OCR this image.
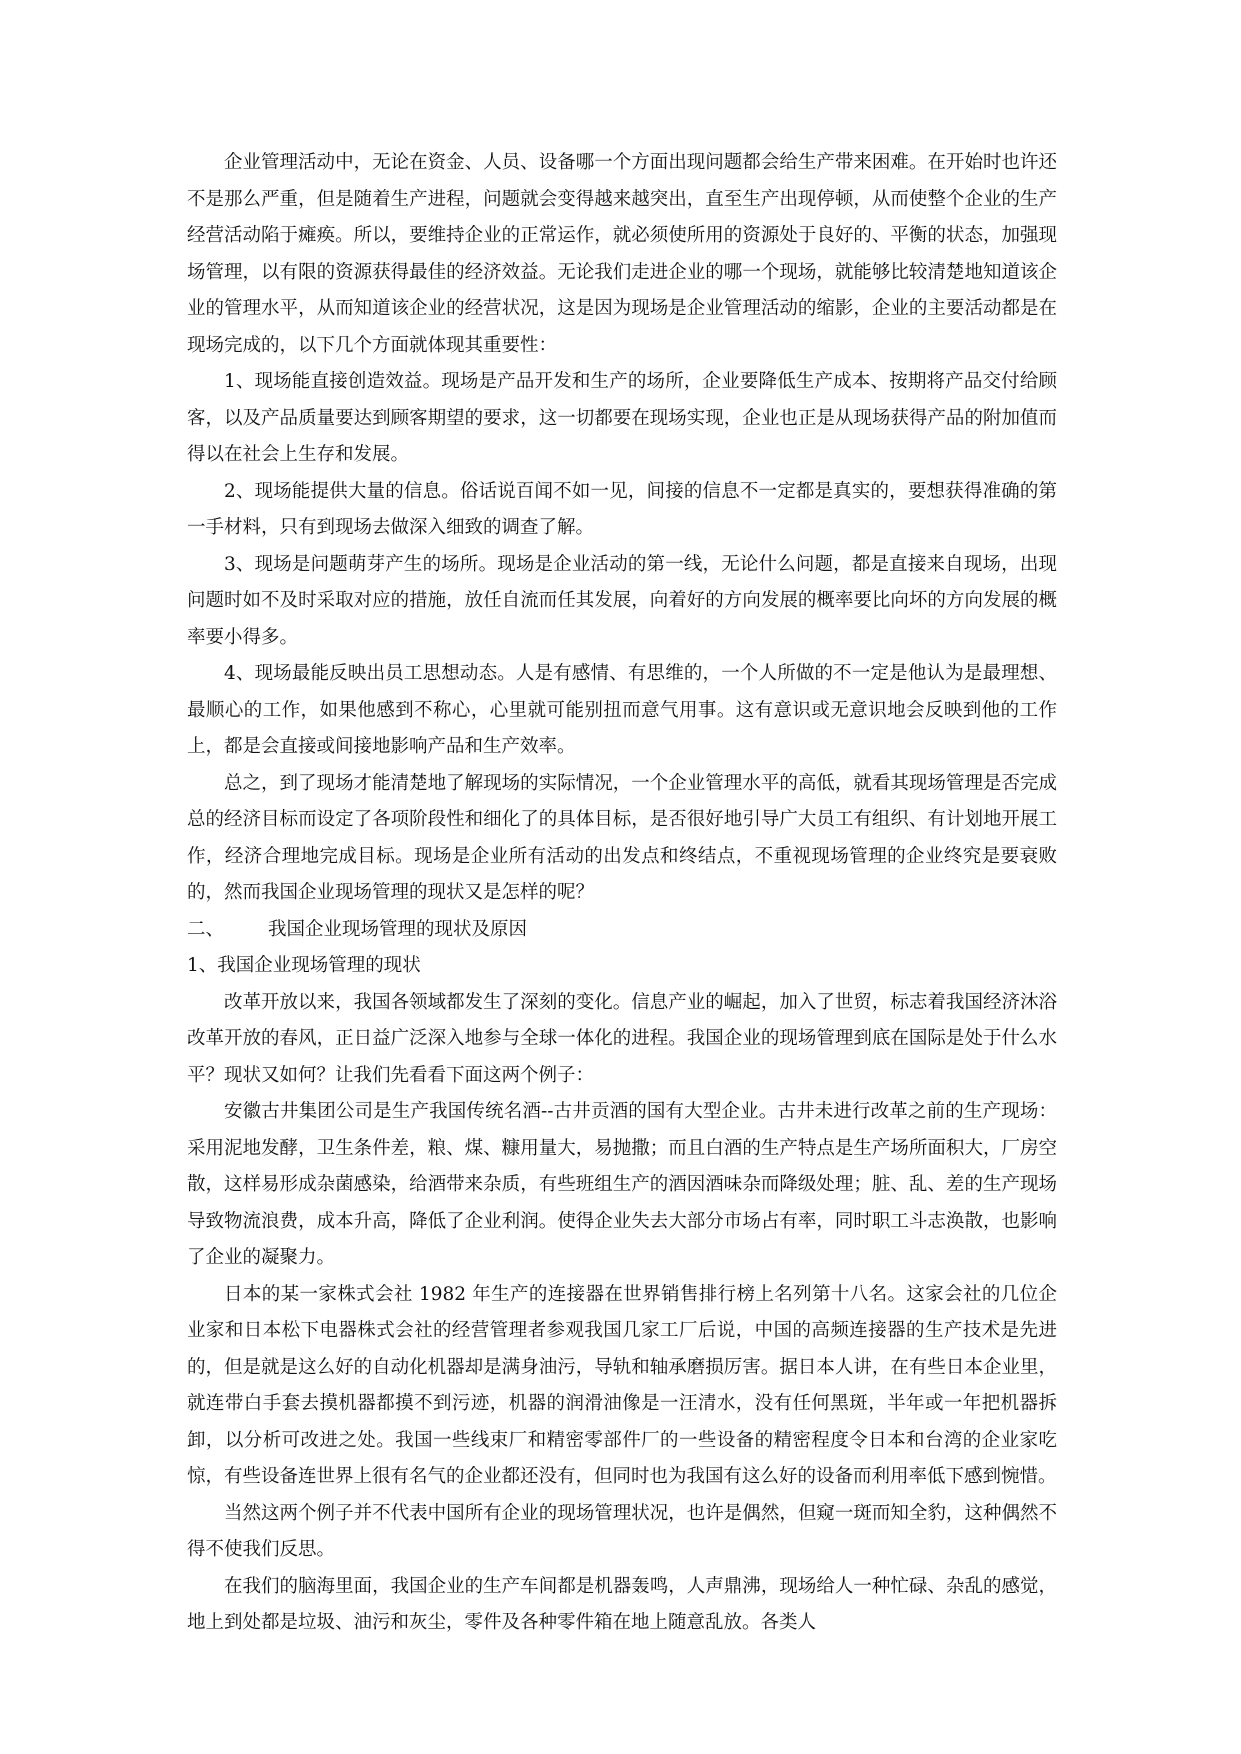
企业管理活动中，无论在资金、人员、设备哪一个方面出现问题都会给生产带来困难。在开始时也许还不是那么严重，但是随着生产进程，问题就会变得越来越突出，直至生产出现停顿，从而使整个企业的生产经营活动陷于瘫痪。所以，要维持企业的正常运作，就必须使所用的资源处于良好的、平衡的状态，加强现场管理，以有限的资源获得最佳的经济效益。无论我们走进企业的哪一个现场，就能够比较清楚地知道该企业的管理水平，从而知道该企业的经营状况，这是因为现场是企业管理活动的缩影，企业的主要活动都是在现场完成的，以下几个方面就体现其重要性：

1、现场能直接创造效益。现场是产品开发和生产的场所，企业要降低生产成本、按期将产品交付给顾客，以及产品质量要达到顾客期望的要求，这一切都要在现场实现，企业也正是从现场获得产品的附加值而得以在社会上生存和发展。

2、现场能提供大量的信息。俗话说百闻不如一见，间接的信息不一定都是真实的，要想获得准确的第一手材料，只有到现场去做深入细致的调查了解。

3、现场是问题萌芽产生的场所。现场是企业活动的第一线，无论什么问题，都是直接来自现场，出现问题时如不及时采取对应的措施，放任自流而任其发展，向着好的方向发展的概率要比向坏的方向发展的概率要小得多。

4、现场最能反映出员工思想动态。人是有感情、有思维的，一个人所做的不一定是他认为是最理想、最顺心的工作，如果他感到不称心，心里就可能别扭而意气用事。这有意识或无意识地会反映到他的工作上，都是会直接或间接地影响产品和生产效率。

总之，到了现场才能清楚地了解现场的实际情况，一个企业管理水平的高低，就看其现场管理是否完成总的经济目标而设定了各项阶段性和细化了的具体目标，是否很好地引导广大员工有组织、有计划地开展工作，经济合理地完成目标。现场是企业所有活动的出发点和终结点，不重视现场管理的企业终究是要衰败的，然而我国企业现场管理的现状又是怎样的呢？

二、 我国企业现场管理的现状及原因

1、我国企业现场管理的现状

改革开放以来，我国各领域都发生了深刻的变化。信息产业的崛起，加入了世贸，标志着我国经济沐浴改革开放的春风，正日益广泛深入地参与全球一体化的进程。我国企业的现场管理到底在国际是处于什么水平？现状又如何？让我们先看看下面这两个例子：

安徽古井集团公司是生产我国传统名酒--古井贡酒的国有大型企业。古井未进行改革之前的生产现场：采用泥地发酵，卫生条件差，粮、煤、糠用量大，易抛撒；而且白酒的生产特点是生产场所面积大，厂房空散，这样易形成杂菌感染，给酒带来杂质，有些班组生产的酒因酒味杂而降级处理；脏、乱、差的生产现场导致物流浪费，成本升高，降低了企业利润。使得企业失去大部分市场占有率，同时职工斗志涣散，也影响了企业的凝聚力。

日本的某一家株式会社 1982 年生产的连接器在世界销售排行榜上名列第十八名。这家会社的几位企业家和日本松下电器株式会社的经营管理者参观我国几家工厂后说，中国的高频连接器的生产技术是先进的，但是就是这么好的自动化机器却是满身油污，导轨和轴承磨损厉害。据日本人讲，在有些日本企业里，就连带白手套去摸机器都摸不到污迹，机器的润滑油像是一汪清水，没有任何黑斑，半年或一年把机器拆卸，以分析可改进之处。我国一些线束厂和精密零部件厂的一些设备的精密程度令日本和台湾的企业家吃惊，有些设备连世界上很有名气的企业都还没有，但同时也为我国有这么好的设备而利用率低下感到惋惜。

当然这两个例子并不代表中国所有企业的现场管理状况，也许是偶然，但窥一斑而知全豹，这种偶然不得不使我们反思。

在我们的脑海里面，我国企业的生产车间都是机器轰鸣，人声鼎沸，现场给人一种忙碌、杂乱的感觉，地上到处都是垃圾、油污和灰尘，零件及各种零件箱在地上随意乱放。各类人
